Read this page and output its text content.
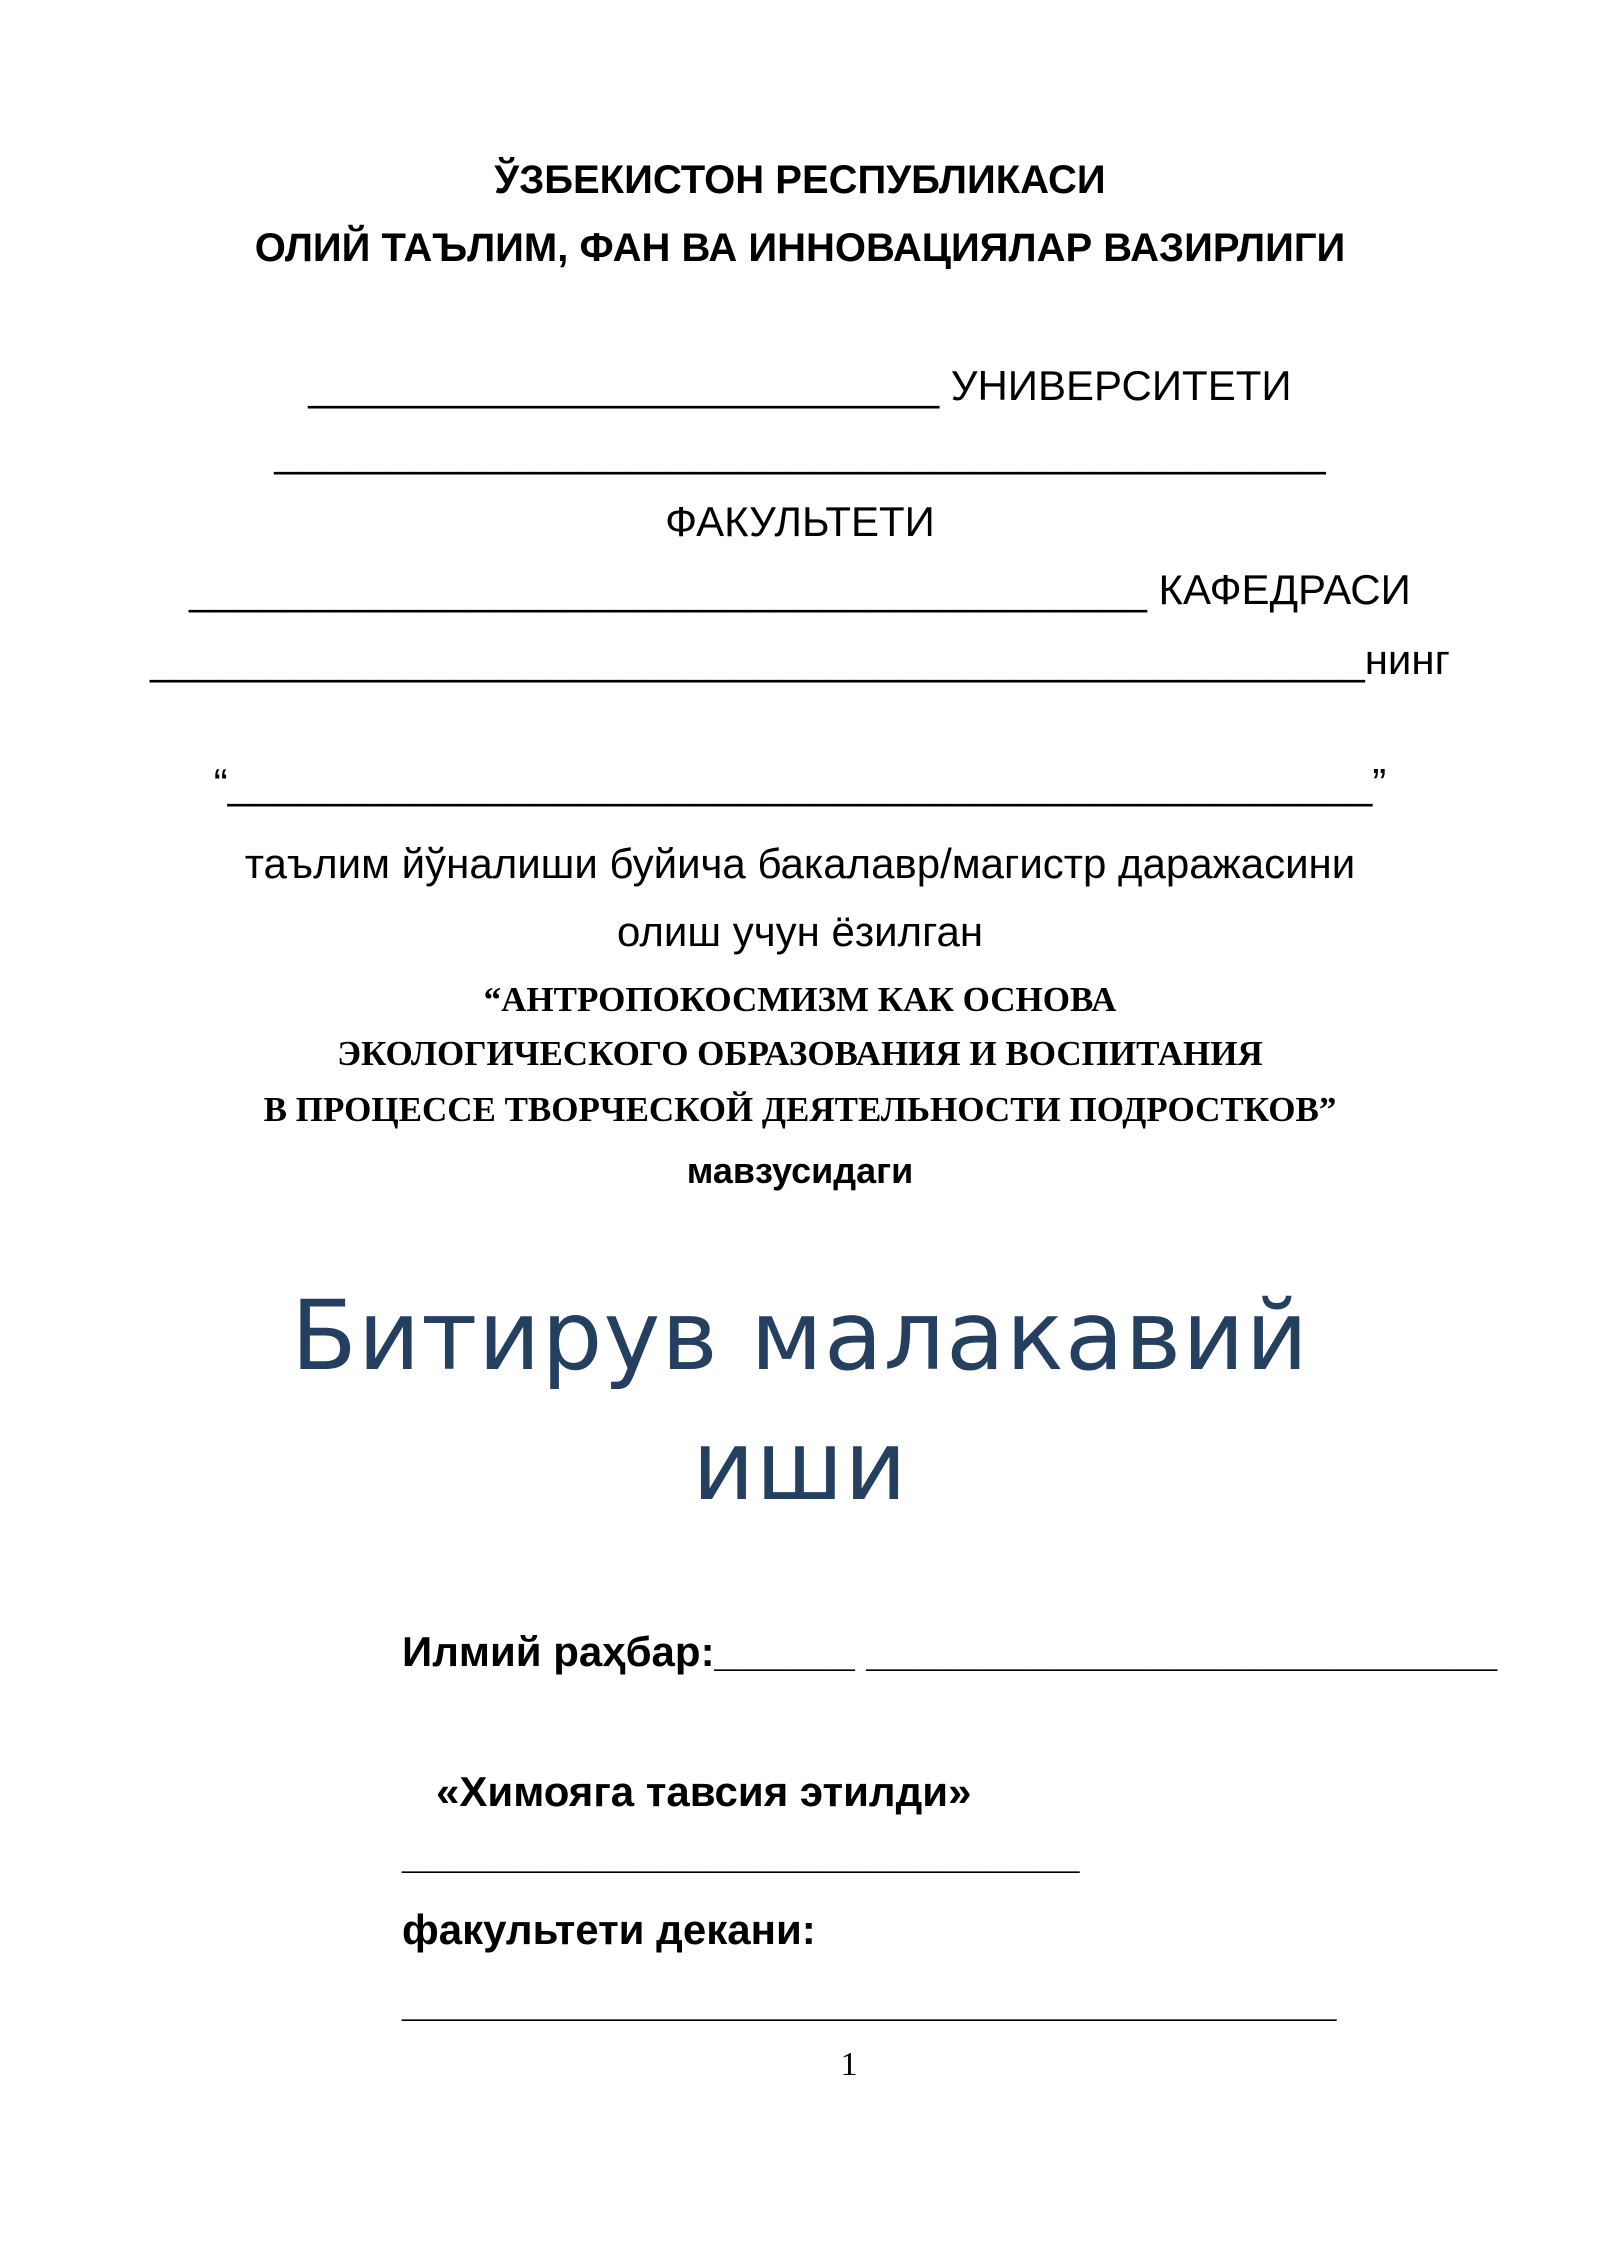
ЎЗБЕКИСТОН РЕСПУБЛИКАСИ
ОЛИЙ ТАЪЛИМ, ФАН ВА ИННОВАЦИЯЛАР ВАЗИРЛИГИ
___________________________ УНИВЕРСИТЕТИ
_____________________________________________
ФАКУЛЬТЕТИ
_________________________________________ КАФЕДРАСИ
____________________________________________________нинг
“_________________________________________________”
таълим йўналиши буйича бакалавр/магистр даражасини
олиш учун ёзилган
“АНТРОПОКОСМИЗМ КАК ОСНОВА
ЭКОЛОГИЧЕСКОГО ОБРАЗОВАНИЯ И ВОСПИТАНИЯ
В ПРОЦЕССЕ ТВОРЧЕСКОЙ ДЕЯТЕЛЬНОСТИ ПОДРОСТКОВ”
мавзусидаги
Битирув малакавий
иши
Илмий раҳбар:______ ___________________________
«Химояга тавсия этилди»
_____________________________
факультети декани:
________________________________________
1
